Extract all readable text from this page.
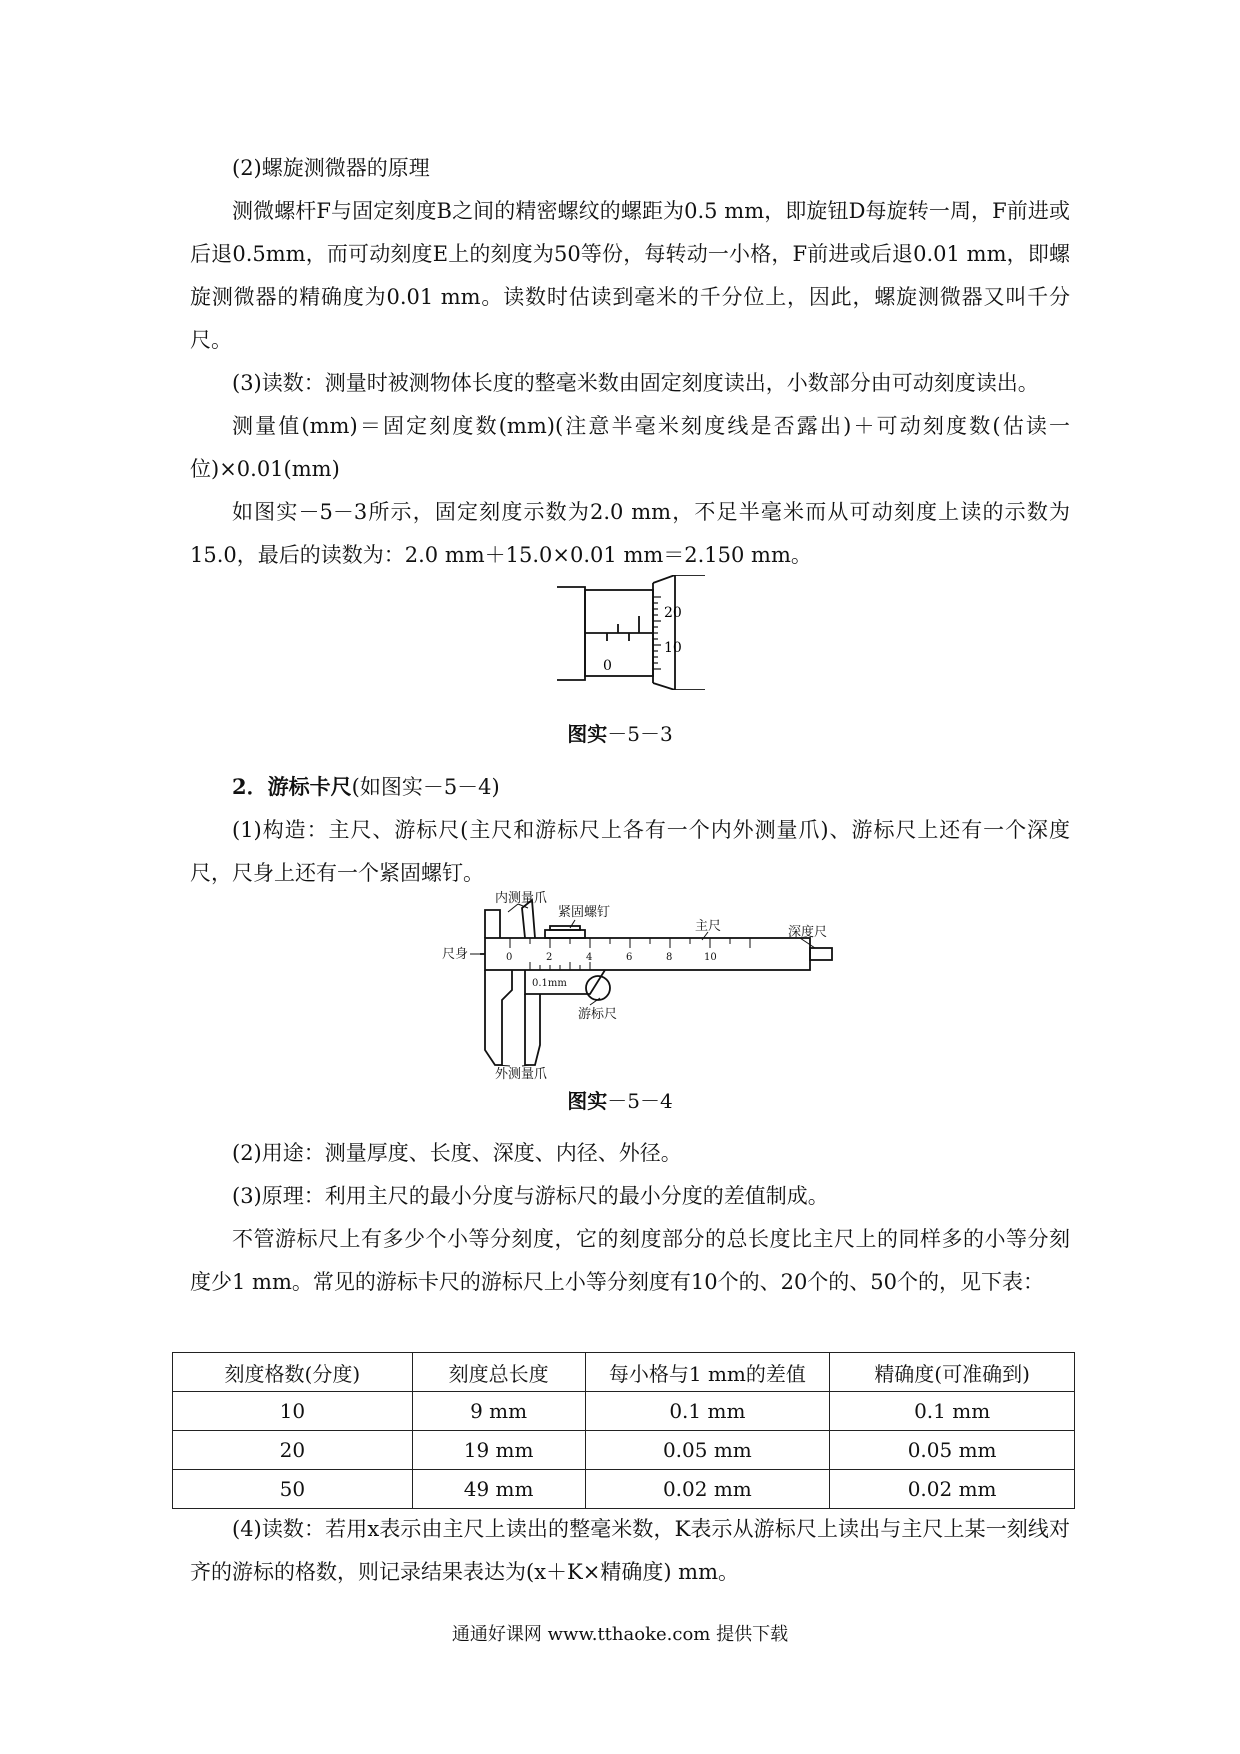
(2)螺旋测微器的原理

测微螺杆F与固定刻度B之间的精密螺纹的螺距为0.5 mm，即旋钮D每旋转一周，F前进或后退0.5mm，而可动刻度E上的刻度为50等份，每转动一小格，F前进或后退0.01 mm，即螺旋测微器的精确度为0.01 mm。读数时估读到毫米的千分位上，因此，螺旋测微器又叫千分尺。

(3)读数：测量时被测物体长度的整毫米数由固定刻度读出，小数部分由可动刻度读出。

测量值(mm)＝固定刻度数(mm)(注意半毫米刻度线是否露出)＋可动刻度数(估读一位)×0.01(mm)

如图实－5－3所示，固定刻度示数为2.0 mm，不足半毫米而从可动刻度上读的示数为15.0，最后的读数为：2.0 mm＋15.0×0.01 mm＝2.150 mm。

20
10
0
图实－5－3

2．游标卡尺(如图实－5－4)

(1)构造：主尺、游标尺(主尺和游标尺上各有一个内外测量爪)、游标尺上还有一个深度尺，尺身上还有一个紧固螺钉。

0	2	4	6	8	10
0.1mm
内测量爪
紧固螺钉
主尺	深度尺
尺身
游标尺
外测量爪
图实－5－4

(2)用途：测量厚度、长度、深度、内径、外径。

(3)原理：利用主尺的最小分度与游标尺的最小分度的差值制成。

不管游标尺上有多少个小等分刻度，它的刻度部分的总长度比主尺上的同样多的小等分刻度少1 mm。常见的游标卡尺的游标尺上小等分刻度有10个的、20个的、50个的，见下表：

刻度格数(分度)	刻度总长度	每小格与1 mm的差值	精确度(可准确到)
10	9 mm	0.1 mm	0.1 mm
20	19 mm	0.05 mm	0.05 mm
50	49 mm	0.02 mm	0.02 mm

(4)读数：若用x表示由主尺上读出的整毫米数，K表示从游标尺上读出与主尺上某一刻线对齐的游标的格数，则记录结果表达为(x＋K×精确度) mm。

通通好课网 www.tthaoke.com 提供下载
